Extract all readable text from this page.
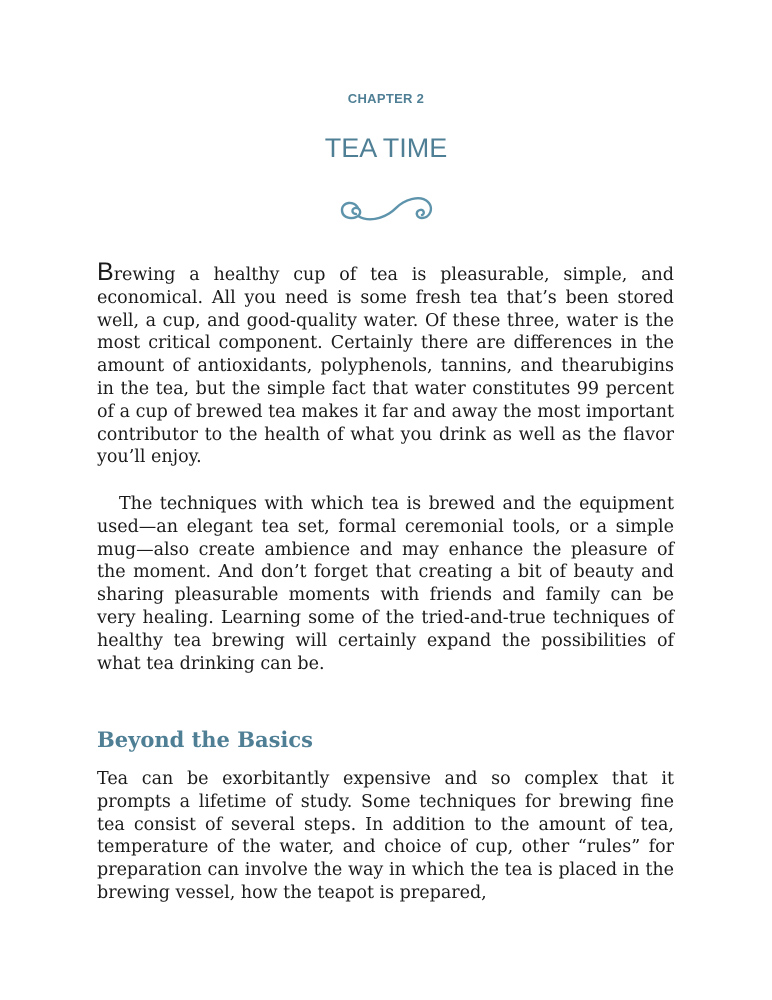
CHAPTER 2
TEA TIME

Brewing a healthy cup of tea is pleasurable, simple, and economical. All you need is some fresh tea that’s been stored well, a cup, and good-quality water. Of these three, water is the most critical component. Certainly there are differences in the amount of antioxidants, polyphenols, tannins, and thearubigins in the tea, but the simple fact that water constitutes 99 percent of a cup of brewed tea makes it far and away the most important contributor to the health of what you drink as well as the flavor you’ll enjoy.

The techniques with which tea is brewed and the equipment used—an elegant tea set, formal ceremonial tools, or a simple mug—also create ambience and may enhance the pleasure of the moment. And don’t forget that creating a bit of beauty and sharing pleasurable moments with friends and family can be very healing. Learning some of the tried-and-true techniques of healthy tea brewing will certainly expand the possibilities of what tea drinking can be.

Beyond the Basics

Tea can be exorbitantly expensive and so complex that it prompts a lifetime of study. Some techniques for brewing fine tea consist of several steps. In addition to the amount of tea, temperature of the water, and choice of cup, other “rules” for preparation can involve the way in which the tea is placed in the brewing vessel, how the teapot is prepared,
